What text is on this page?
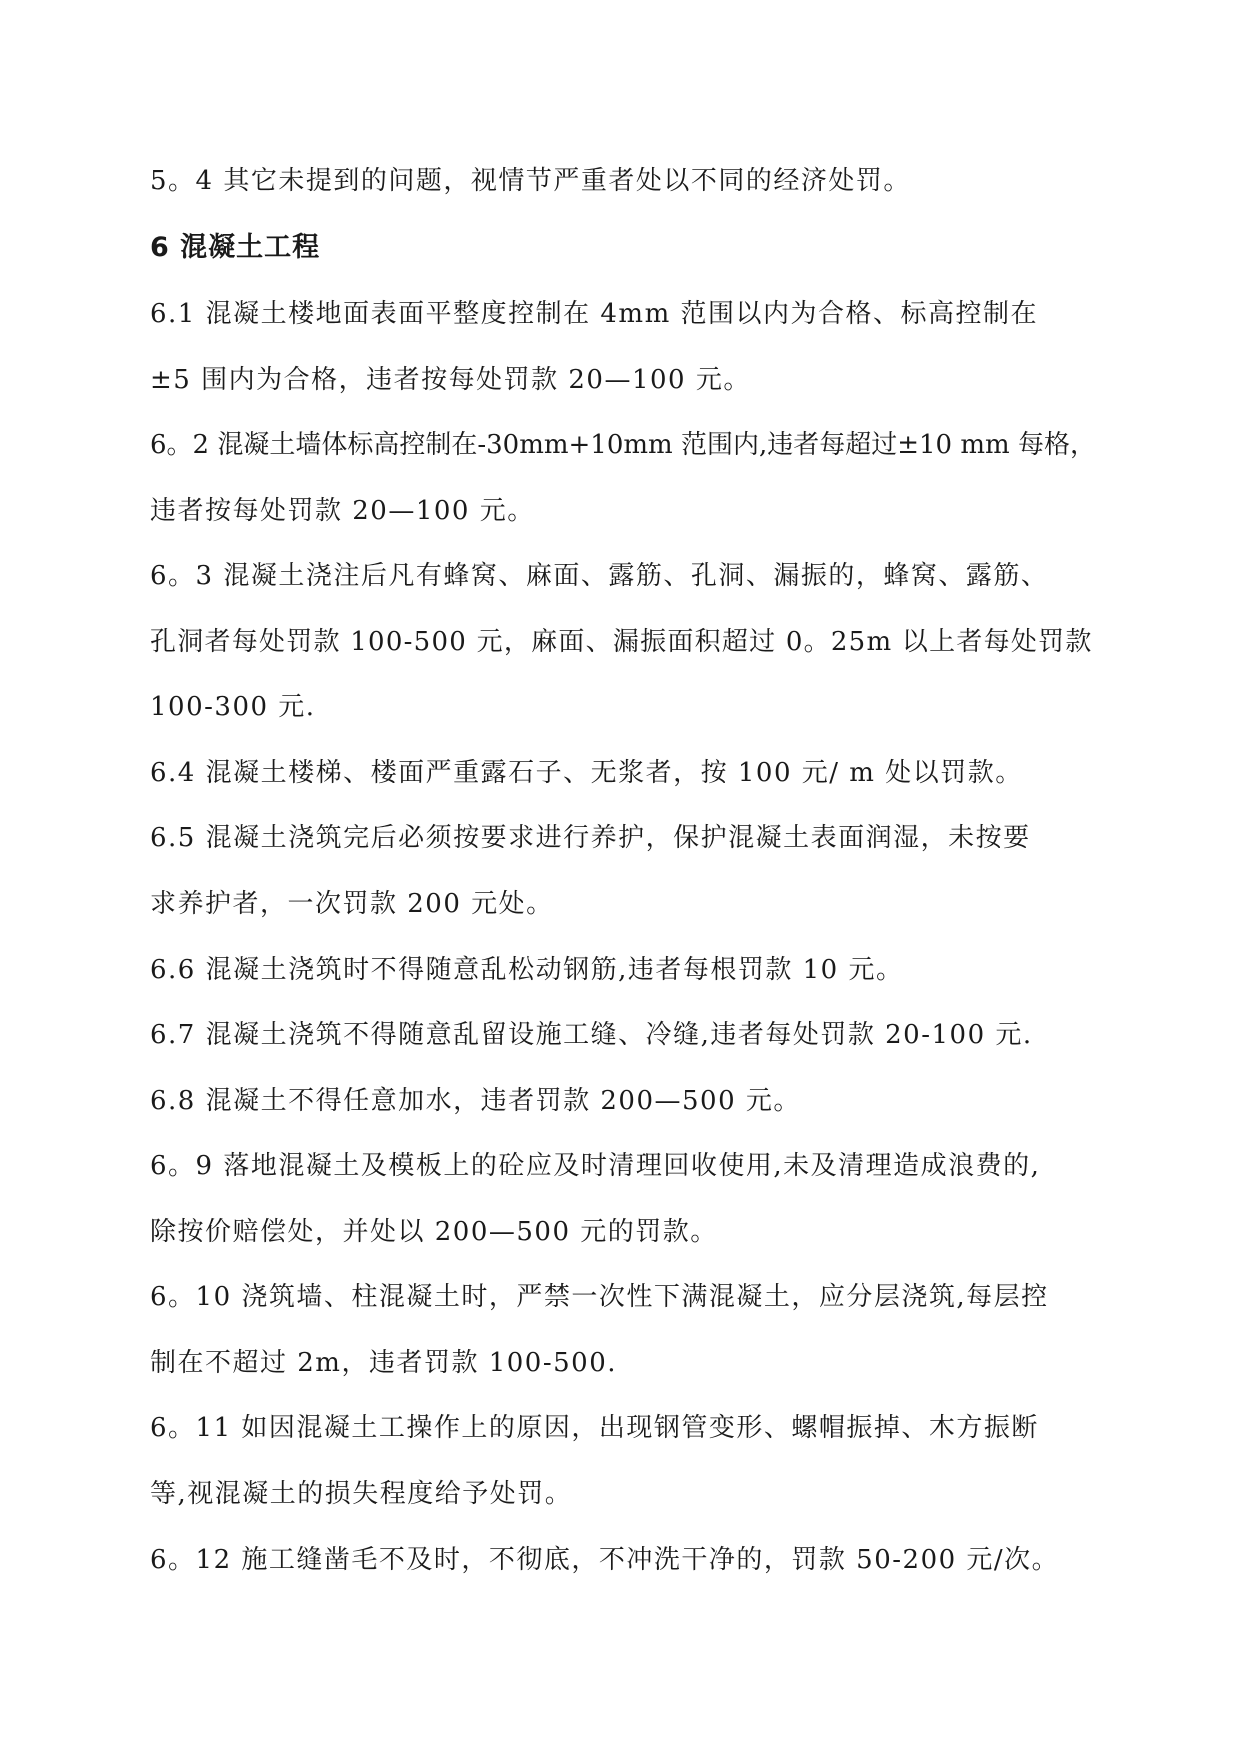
5。4 其它未提到的问题，视情节严重者处以不同的经济处罚。
6 混凝土工程
6.1 混凝土楼地面表面平整度控制在 4mm 范围以内为合格、标高控制在
±5 围内为合格，违者按每处罚款 20—100 元。
6。2 混凝土墙体标高控制在-30mm+10mm 范围内,违者每超过±10 mm 每格，
违者按每处罚款 20—100 元。
6。3 混凝土浇注后凡有蜂窝、麻面、露筋、孔洞、漏振的，蜂窝、露筋、
孔洞者每处罚款 100-500 元，麻面、漏振面积超过 0。25m 以上者每处罚款
100-300 元.
6.4 混凝土楼梯、楼面严重露石子、无浆者，按 100 元/ m 处以罚款。
6.5 混凝土浇筑完后必须按要求进行养护，保护混凝土表面润湿，未按要
求养护者，一次罚款 200 元处。
6.6 混凝土浇筑时不得随意乱松动钢筋,违者每根罚款 10 元。
6.7 混凝土浇筑不得随意乱留设施工缝、冷缝,违者每处罚款 20-100 元.
6.8 混凝土不得任意加水，违者罚款 200—500 元。
6。9 落地混凝土及模板上的砼应及时清理回收使用,未及清理造成浪费的,
除按价赔偿处，并处以 200—500 元的罚款。
6。10 浇筑墙、柱混凝土时，严禁一次性下满混凝土，应分层浇筑,每层控
制在不超过 2m，违者罚款 100-500.
6。11 如因混凝土工操作上的原因，出现钢管变形、螺帽振掉、木方振断
等,视混凝土的损失程度给予处罚。
6。12 施工缝凿毛不及时，不彻底，不冲洗干净的，罚款 50-200 元/次。
